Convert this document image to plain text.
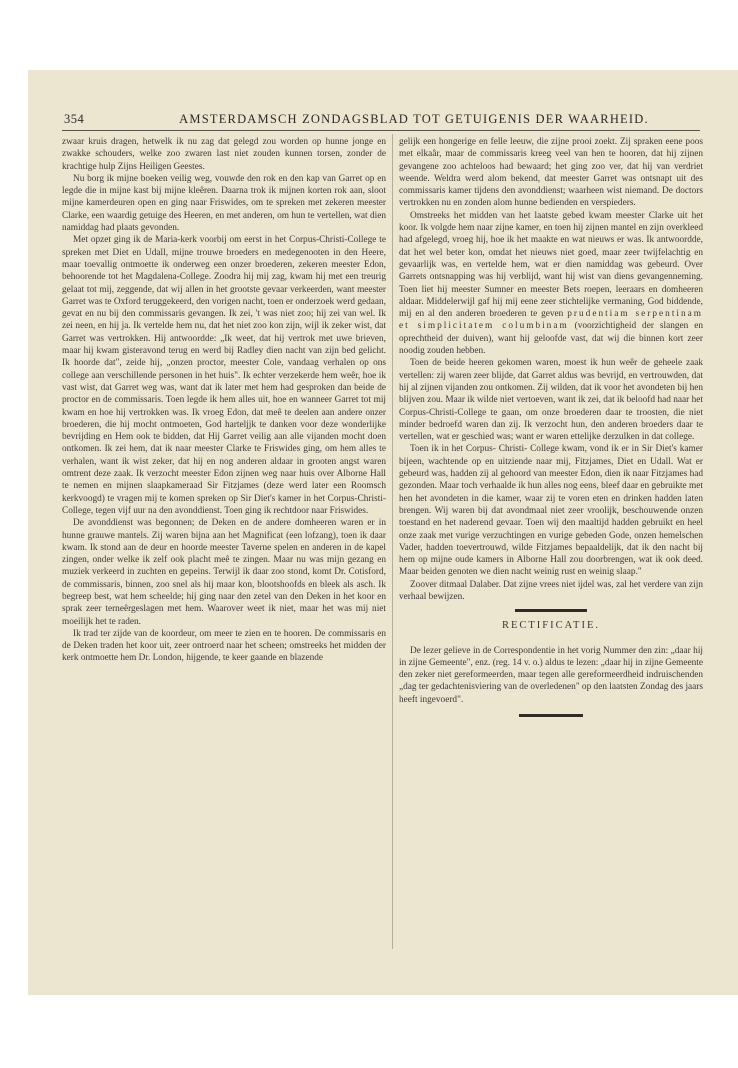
354	AMSTERDAMSCH ZONDAGSBLAD TOT GETUIGENIS DER WAARHEID.

zwaar kruis dragen, hetwelk ik nu zag dat gelegd zou worden op hunne jonge en zwakke schouders, welke zoo zwaren last niet zouden kunnen torsen, zonder de krachtige hulp Zijns Heiligen Geestes.

Nu borg ik mijne boeken veilig weg, vouwde den rok en den kap van Garret op en legde die in mijne kast bij mijne kleêren. Daarna trok ik mijnen korten rok aan, sloot mijne kamerdeuren open en ging naar Friswides, om te spreken met zekeren meester Clarke, een waardig getuige des Heeren, en met anderen, om hun te vertellen, wat dien namiddag had plaats gevonden.

Met opzet ging ik de Maria-kerk voorbij om eerst in het Corpus-Christi-College te spreken met Diet en Udall, mijne trouwe broeders en medegenooten in den Heere, maar toevallig ontmoette ik onderweg een onzer broederen, zekeren meester Edon, behoorende tot het Magdalena-College. Zoodra hij mij zag, kwam hij met een treurig gelaat tot mij, zeggende, dat wij allen in het grootste gevaar verkeerden, want meester Garret was te Oxford teruggekeerd, den vorigen nacht, toen er onderzoek werd gedaan, gevat en nu bij den commissaris gevangen. Ik zei, 't was niet zoo; hij zei van wel. Ik zei neen, en hij ja. Ik vertelde hem nu, dat het niet zoo kon zijn, wijl ik zeker wist, dat Garret was vertrokken. Hij antwoordde: „Ik weet, dat hij vertrok met uwe brieven, maar hij kwam gisteravond terug en werd bij Radley dien nacht van zijn bed gelicht. Ik hoorde dat", zeide hij, „onzen proctor, meester Cole, vandaag verhalen op ons college aan verschillende personen in het huis". Ik echter verzekerde hem weêr, hoe ik vast wist, dat Garret weg was, want dat ik later met hem had gesproken dan beide de proctor en de commissaris. Toen legde ik hem alles uit, hoe en wanneer Garret tot mij kwam en hoe hij vertrokken was. Ik vroeg Edon, dat meê te deelen aan andere onzer broederen, die hij mocht ontmoeten, God harteljjk te danken voor deze wonderlijke bevrijding en Hem ook te bidden, dat Hij Garret veilig aan alle vijanden mocht doen ontkomen. Ik zei hem, dat ik naar meester Clarke te Friswides ging, om hem alles te verhalen, want ik wist zeker, dat hij en nog anderen aldaar in grooten angst waren omtrent deze zaak. Ik verzocht meester Edon zijnen weg naar huis over Alborne Hall te nemen en mijnen slaapkameraad Sir Fitzjames (deze werd later een Roomsch kerkvoogd) te vragen mij te komen spreken op Sir Diet's kamer in het Corpus-Christi-College, tegen vijf uur na den avonddienst. Toen ging ik rechtdoor naar Friswides.

De avonddienst was begonnen; de Deken en de andere domheeren waren er in hunne grauwe mantels. Zij waren bijna aan het Magnificat (een lofzang), toen ik daar kwam. Ik stond aan de deur en hoorde meester Taverne spelen en anderen in de kapel zingen, onder welke ik zelf ook placht meê te zingen. Maar nu was mijn gezang en muziek verkeerd in zuchten en gepeins. Terwijl ik daar zoo stond, komt Dr. Cotisford, de commissaris, binnen, zoo snel als hij maar kon, blootshoofds en bleek als asch. Ik begreep best, wat hem scheelde; hij ging naar den zetel van den Deken in het koor en sprak zeer terneêrgeslagen met hem. Waarover weet ik niet, maar het was mij niet moeilijk het te raden.

Ik trad ter zijde van de koordeur, om meer te zien en te hooren. De commissaris en de Deken traden het koor uit, zeer ontroerd naar het scheen; omstreeks het midden der kerk ontmoette hem Dr. London, hijgende, te keer gaande en blazende

gelijk een hongerige en felle leeuw, die zijne prooi zoekt. Zij spraken eene poos met elkaâr, maar de commissaris kreeg veel van hen te hooren, dat hij zijnen gevangene zoo achteloos had bewaard; het ging zoo ver, dat hij van verdriet weende. Weldra werd alom bekend, dat meester Garret was ontsnapt uit des commissaris kamer tijdens den avonddienst; waarheen wist niemand. De doctors vertrokken nu en zonden alom hunne bedienden en verspieders.

Omstreeks het midden van het laatste gebed kwam meester Clarke uit het koor. Ik volgde hem naar zijne kamer, en toen hij zijnen mantel en zijn overkleed had afgelegd, vroeg hij, hoe ik het maakte en wat nieuws er was. Ik antwoordde, dat het wel beter kon, omdat het nieuws niet goed, maar zeer twijfelachtig en gevaarlijk was, en vertelde hem, wat er dien namiddag was gebeurd. Over Garrets ontsnapping was hij verblijd, want hij wist van diens gevangenneming. Toen liet hij meester Sumner en meester Bets roepen, leeraars en domheeren aldaar. Middelerwijl gaf hij mij eene zeer stichtelijke vermaning, God biddende, mij en al den anderen broederen te geven prudentiam serpentinam et simplicitatem columbinam (voorzichtigheid der slangen en oprechtheid der duiven), want hij geloofde vast, dat wij die binnen kort zeer noodig zouden hebben.

Toen de beide heeren gekomen waren, moest ik hun weêr de geheele zaak vertellen: zij waren zeer blijde, dat Garret aldus was bevrijd, en vertrouwden, dat hij al zijnen vijanden zou ontkomen. Zij wilden, dat ik voor het avondeten bij hen blijven zou. Maar ik wilde niet vertoeven, want ik zei, dat ik beloofd had naar het Corpus-Christi-College te gaan, om onze broederen daar te troosten, die niet minder bedroefd waren dan zij. Ik verzocht hun, den anderen broeders daar te vertellen, wat er geschied was; want er waren ettelijke derzulken in dat college.

Toen ik in het Corpus- Christi- College kwam, vond ik er in Sir Diet's kamer bijeen, wachtende op en uitziende naar mij, Fitzjames, Diet en Udall. Wat er gebeurd was, hadden zij al gehoord van meester Edon, dien ik naar Fitzjames had gezonden. Maar toch verhaalde ik hun alles nog eens, bleef daar en gebruikte met hen het avondeten in die kamer, waar zij te voren eten en drinken hadden laten brengen. Wij waren bij dat avondmaal niet zeer vroolijk, beschouwende onzen toestand en het naderend gevaar. Toen wij den maaltijd hadden gebruikt en heel onze zaak met vurige verzuchtingen en vurige gebeden Gode, onzen hemelschen Vader, hadden toevertrouwd, wilde Fitzjames bepaaldelijk, dat ik den nacht bij hem op mijne oude kamers in Alborne Hall zou doorbrengen, wat ik ook deed. Maar beiden genoten we dien nacht weinig rust en weinig slaap."

Zoover ditmaal Dalaber. Dat zijne vrees niet ijdel was, zal het verdere van zijn verhaal bewijzen.

RECTIFICATIE.

De lezer gelieve in de Correspondentie in het vorig Nummer den zin: „daar hij in zijne Gemeente", enz. (reg. 14 v. o.) aldus te lezen: „daar hij in zijne Gemeente den zeker niet gereformeerden, maar tegen alle gereformeerdheid indruischenden „dag ter gedachtenisviering van de overledenen" op den laatsten Zondag des jaars heeft ingevoerd".
